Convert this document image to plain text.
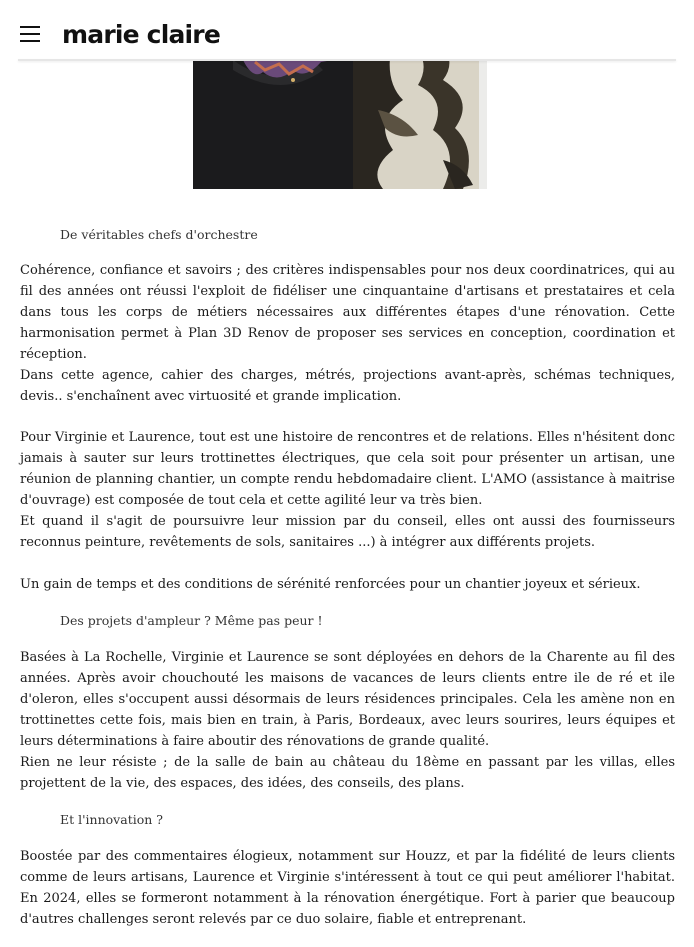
marie claire
De véritables chefs d'orchestre

Cohérence, confiance et savoirs ; des critères indispensables pour nos deux coordinatrices, qui au fil des années ont réussi l'exploit de fidéliser une cinquantaine d'artisans et prestataires et cela dans tous les corps de métiers nécessaires aux différentes étapes d'une rénovation. Cette harmonisation permet à Plan 3D Renov de proposer ses services en conception, coordination et réception.

Dans cette agence, cahier des charges, métrés, projections avant-après, schémas techniques, devis.. s'enchaînent avec virtuosité et grande implication.

Pour Virginie et Laurence, tout est une histoire de rencontres et de relations. Elles n'hésitent donc jamais à sauter sur leurs trottinettes électriques, que cela soit pour présenter un artisan, une réunion de planning chantier, un compte rendu hebdomadaire client. L'AMO (assistance à maitrise d'ouvrage) est composée de tout cela et cette agilité leur va très bien.

Et quand il s'agit de poursuivre leur mission par du conseil, elles ont aussi des fournisseurs reconnus peinture, revêtements de sols, sanitaires ...) à intégrer aux différents projets.

Un gain de temps et des conditions de sérénité renforcées pour un chantier joyeux et sérieux.

Des projets d'ampleur ? Même pas peur !

Basées à La Rochelle, Virginie et Laurence se sont déployées en dehors de la Charente au fil des années. Après avoir chouchouté les maisons de vacances de leurs clients entre ile de ré et ile d'oleron, elles s'occupent aussi désormais de leurs résidences principales. Cela les amène non en trottinettes cette fois, mais bien en train, à Paris, Bordeaux, avec leurs sourires, leurs équipes et leurs déterminations à faire aboutir des rénovations de grande qualité.

Rien ne leur résiste ; de la salle de bain au château du 18ème en passant par les villas, elles projettent de la vie, des espaces, des idées, des conseils, des plans.

Et l'innovation ?

Boostée par des commentaires élogieux, notamment sur Houzz, et par la fidélité de leurs clients comme de leurs artisans, Laurence et Virginie s'intéressent à tout ce qui peut améliorer l'habitat. En 2024, elles se formeront notamment à la rénovation énergétique. Fort à parier que beaucoup d'autres challenges seront relevés par ce duo solaire, fiable et entreprenant.
